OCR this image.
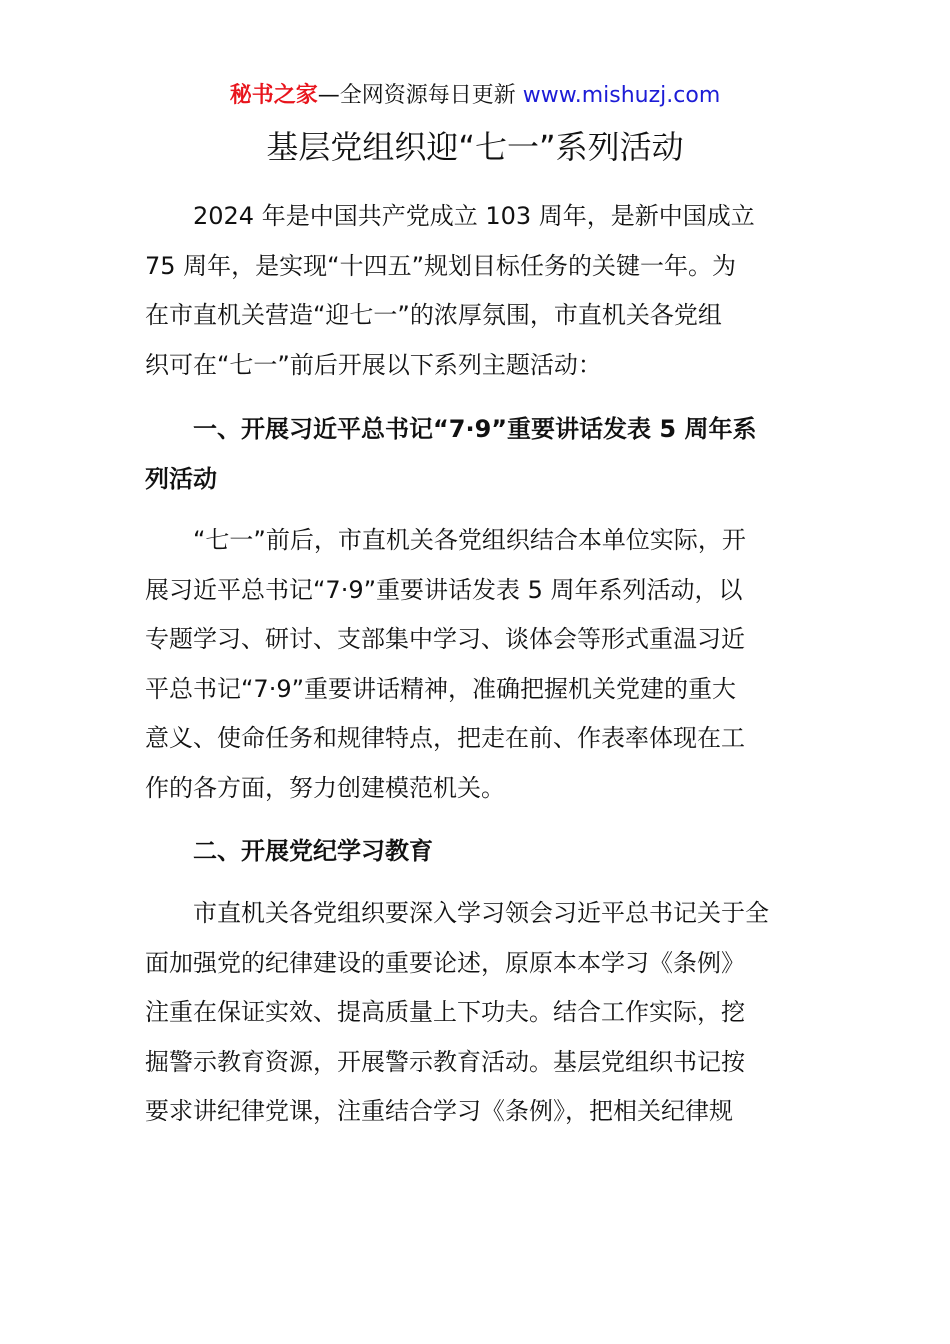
秘书之家—全网资源每日更新 www.mishuzj.com
基层党组织迎“七一”系列活动
　　2024 年是中国共产党成立 103 周年，是新中国成立
75 周年，是实现“十四五”规划目标任务的关键一年。为
在市直机关营造“迎七一”的浓厚氛围，市直机关各党组
织可在“七一”前后开展以下系列主题活动：
　　一、开展习近平总书记“7·9”重要讲话发表 5 周年系
列活动
　　“七一”前后，市直机关各党组织结合本单位实际，开
展习近平总书记“7·9”重要讲话发表 5 周年系列活动，以
专题学习、研讨、支部集中学习、谈体会等形式重温习近
平总书记“7·9”重要讲话精神，准确把握机关党建的重大
意义、使命任务和规律特点，把走在前、作表率体现在工
作的各方面，努力创建模范机关。
　　二、开展党纪学习教育
　　市直机关各党组织要深入学习领会习近平总书记关于全
面加强党的纪律建设的重要论述，原原本本学习《条例》
注重在保证实效、提高质量上下功夫。结合工作实际，挖
掘警示教育资源，开展警示教育活动。基层党组织书记按
要求讲纪律党课，注重结合学习《条例》，把相关纪律规
